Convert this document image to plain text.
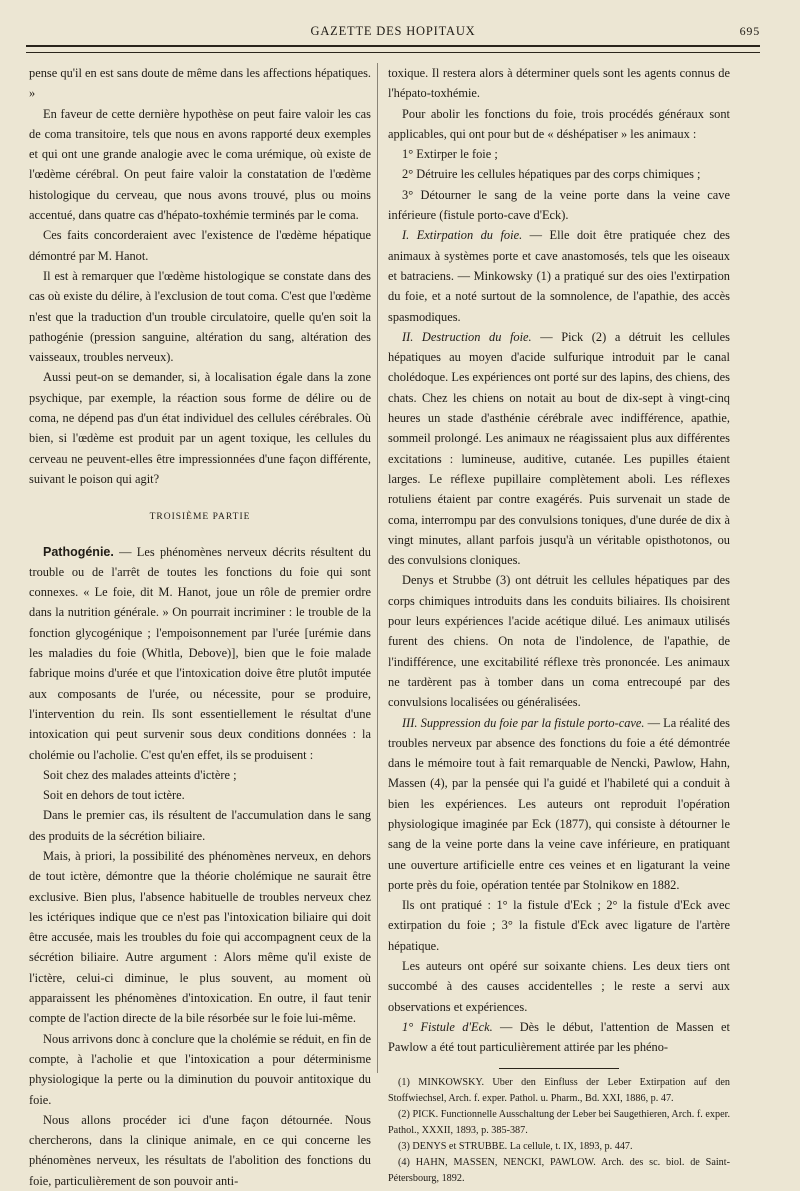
GAZETTE DES HOPITAUX	695

pense qu'il en est sans doute de même dans les affections hépatiques. »

En faveur de cette dernière hypothèse on peut faire valoir les cas de coma transitoire, tels que nous en avons rapporté deux exemples et qui ont une grande analogie avec le coma urémique, où existe de l'œdème cérébral. On peut faire valoir la constatation de l'œdème histologique du cerveau, que nous avons trouvé, plus ou moins accentué, dans quatre cas d'hépato-toxhémie terminés par le coma.

Ces faits concorderaient avec l'existence de l'œdème hépatique démontré par M. Hanot.

Il est à remarquer que l'œdème histologique se constate dans des cas où existe du délire, à l'exclusion de tout coma. C'est que l'œdème n'est que la traduction d'un trouble circulatoire, quelle qu'en soit la pathogénie (pression sanguine, altération du sang, altération des vaisseaux, troubles nerveux).

Aussi peut-on se demander, si, à localisation égale dans la zone psychique, par exemple, la réaction sous forme de délire ou de coma, ne dépend pas d'un état individuel des cellules cérébrales. Où bien, si l'œdème est produit par un agent toxique, les cellules du cerveau ne peuvent-elles être impressionnées d'une façon différente, suivant le poison qui agit?

TROISIÈME PARTIE

Pathogénie. — Les phénomènes nerveux décrits résultent du trouble ou de l'arrêt de toutes les fonctions du foie qui sont connexes. « Le foie, dit M. Hanot, joue un rôle de premier ordre dans la nutrition générale. » On pourrait incriminer : le trouble de la fonction glycogénique ; l'empoisonnement par l'urée [urémie dans les maladies du foie (Whitla, Debove)], bien que le foie malade fabrique moins d'urée et que l'intoxication doive être plutôt imputée aux composants de l'urée, ou nécessite, pour se produire, l'intervention du rein. Ils sont essentiellement le résultat d'une intoxication qui peut survenir sous deux conditions données : la cholémie ou l'acholie. C'est qu'en effet, ils se produisent :

Soit chez des malades atteints d'ictère ;

Soit en dehors de tout ictère.

Dans le premier cas, ils résultent de l'accumulation dans le sang des produits de la sécrétion biliaire.

Mais, à priori, la possibilité des phénomènes nerveux, en dehors de tout ictère, démontre que la théorie cholémique ne saurait être exclusive. Bien plus, l'absence habituelle de troubles nerveux chez les ictériques indique que ce n'est pas l'intoxication biliaire qui doit être accusée, mais les troubles du foie qui accompagnent ceux de la sécrétion biliaire. Autre argument : Alors même qu'il existe de l'ictère, celui-ci diminue, le plus souvent, au moment où apparaissent les phénomènes d'intoxication. En outre, il faut tenir compte de l'action directe de la bile résorbée sur le foie lui-même.

Nous arrivons donc à conclure que la cholémie se réduit, en fin de compte, à l'acholie et que l'intoxication a pour déterminisme physiologique la perte ou la diminution du pouvoir antitoxique du foie.

Nous allons procéder ici d'une façon détournée. Nous chercherons, dans la clinique animale, en ce qui concerne les phénomènes nerveux, les résultats de l'abolition des fonctions du foie, particulièrement de son pouvoir anti-

toxique. Il restera alors à déterminer quels sont les agents connus de l'hépato-toxhémie.

Pour abolir les fonctions du foie, trois procédés généraux sont applicables, qui ont pour but de « déshépatiser » les animaux :

1° Extirper le foie ;

2° Détruire les cellules hépatiques par des corps chimiques ;

3° Détourner le sang de la veine porte dans la veine cave inférieure (fistule porto-cave d'Eck).

I. Extirpation du foie. — Elle doit être pratiquée chez des animaux à systèmes porte et cave anastomosés, tels que les oiseaux et batraciens. — Minkowsky (1) a pratiqué sur des oies l'extirpation du foie, et a noté surtout de la somnolence, de l'apathie, des accès spasmodiques.

II. Destruction du foie. — Pick (2) a détruit les cellules hépatiques au moyen d'acide sulfurique introduit par le canal cholédoque. Les expériences ont porté sur des lapins, des chiens, des chats. Chez les chiens on notait au bout de dix-sept à vingt-cinq heures un stade d'asthénie cérébrale avec indifférence, apathie, sommeil prolongé. Les animaux ne réagissaient plus aux différentes excitations : lumineuse, auditive, cutanée. Les pupilles étaient larges. Le réflexe pupillaire complètement aboli. Les réflexes rotuliens étaient par contre exagérés. Puis survenait un stade de coma, interrompu par des convulsions toniques, d'une durée de dix à vingt minutes, allant parfois jusqu'à un véritable opisthotonos, ou des convulsions cloniques.

Denys et Strubbe (3) ont détruit les cellules hépatiques par des corps chimiques introduits dans les conduits biliaires. Ils choisirent pour leurs expériences l'acide acétique dilué. Les animaux utilisés furent des chiens. On nota de l'indolence, de l'apathie, de l'indifférence, une excitabilité réflexe très prononcée. Les animaux ne tardèrent pas à tomber dans un coma entrecoupé par des convulsions localisées ou généralisées.

III. Suppression du foie par la fistule porto-cave. — La réalité des troubles nerveux par absence des fonctions du foie a été démontrée dans le mémoire tout à fait remarquable de Nencki, Pawlow, Hahn, Massen (4), par la pensée qui l'a guidé et l'habileté qui a conduit à bien les expériences. Les auteurs ont reproduit l'opération physiologique imaginée par Eck (1877), qui consiste à détourner le sang de la veine porte dans la veine cave inférieure, en pratiquant une ouverture artificielle entre ces veines et en ligaturant la veine porte près du foie, opération tentée par Stolnikow en 1882.

Ils ont pratiqué : 1° la fistule d'Eck ; 2° la fistule d'Eck avec extirpation du foie ; 3° la fistule d'Eck avec ligature de l'artère hépatique.

Les auteurs ont opéré sur soixante chiens. Les deux tiers ont succombé à des causes accidentelles ; le reste a servi aux observations et expériences.

1° Fistule d'Eck. — Dès le début, l'attention de Massen et Pawlow a été tout particulièrement attirée par les phéno-

(1) MINKOWSKY. Uber den Einfluss der Leber Extirpation auf den Stoffwiechsel, Arch. f. exper. Pathol. u. Pharm., Bd. XXI, 1886, p. 47.

(2) PICK. Functionnelle Ausschaltung der Leber bei Saugethieren, Arch. f. exper. Pathol., XXXII, 1893, p. 385-387.

(3) DENYS et STRUBBE. La cellule, t. IX, 1893, p. 447.

(4) HAHN, MASSEN, NENCKI, PAWLOW. Arch. des sc. biol. de Saint-Pétersbourg, 1892.
